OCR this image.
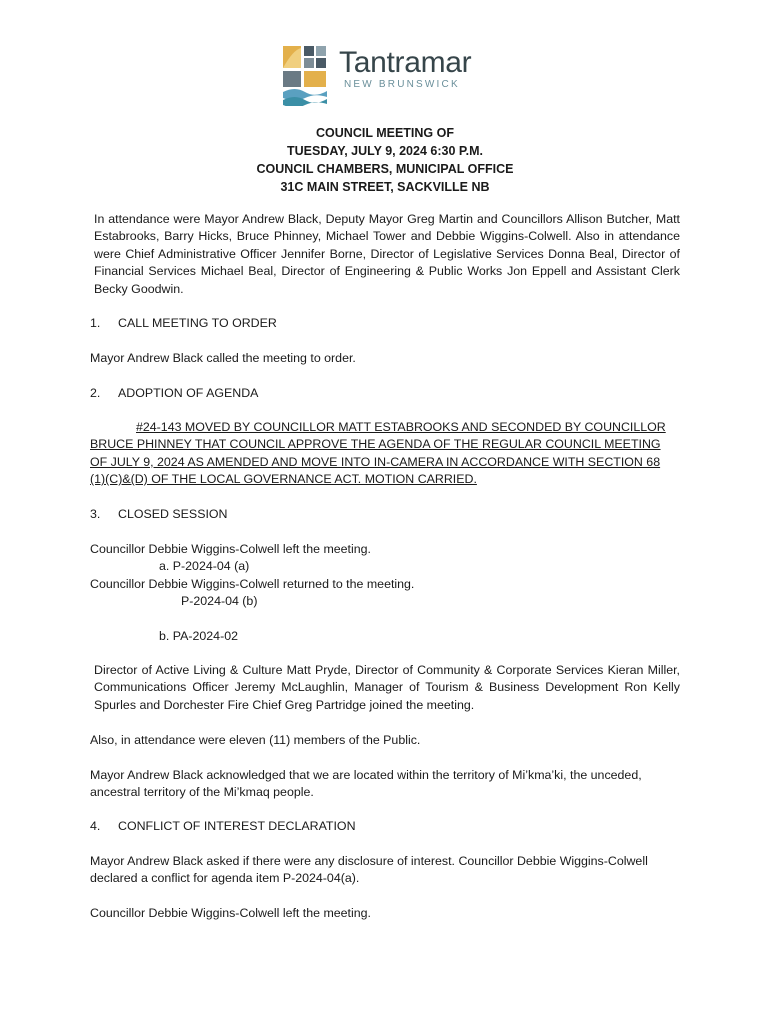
Tantramar
NEW BRUNSWICK
COUNCIL MEETING OF
TUESDAY, JULY 9, 2024 6:30 P.M.
COUNCIL CHAMBERS, MUNICIPAL OFFICE
31C MAIN STREET, SACKVILLE NB
In attendance were Mayor Andrew Black, Deputy Mayor Greg Martin and Councillors Allison Butcher, Matt Estabrooks, Barry Hicks, Bruce Phinney, Michael Tower and Debbie Wiggins-Colwell. Also in attendance were Chief Administrative Officer Jennifer Borne, Director of Legislative Services Donna Beal, Director of Financial Services Michael Beal, Director of Engineering & Public Works Jon Eppell and Assistant Clerk Becky Goodwin.
1. CALL MEETING TO ORDER
Mayor Andrew Black called the meeting to order.
2. ADOPTION OF AGENDA
#24-143 MOVED BY COUNCILLOR MATT ESTABROOKS AND SECONDED BY COUNCILLOR
BRUCE PHINNEY THAT COUNCIL APPROVE THE AGENDA OF THE REGULAR COUNCIL MEETING
OF JULY 9, 2024 AS AMENDED AND MOVE INTO IN-CAMERA IN ACCORDANCE WITH SECTION 68
(1)(C)&(D) OF THE LOCAL GOVERNANCE ACT. MOTION CARRIED.
3. CLOSED SESSION
Councillor Debbie Wiggins-Colwell left the meeting.
a. P-2024-04 (a)
Councillor Debbie Wiggins-Colwell returned to the meeting.
P-2024-04 (b)
b. PA-2024-02
Director of Active Living & Culture Matt Pryde, Director of Community & Corporate Services Kieran Miller, Communications Officer Jeremy McLaughlin, Manager of Tourism & Business Development Ron Kelly Spurles and Dorchester Fire Chief Greg Partridge joined the meeting.
Also, in attendance were eleven (11) members of the Public.
Mayor Andrew Black acknowledged that we are located within the territory of Mi’kma’ki, the unceded, ancestral territory of the Mi’kmaq people.
4. CONFLICT OF INTEREST DECLARATION
Mayor Andrew Black asked if there were any disclosure of interest. Councillor Debbie Wiggins-Colwell declared a conflict for agenda item P-2024-04(a).
Councillor Debbie Wiggins-Colwell left the meeting.
